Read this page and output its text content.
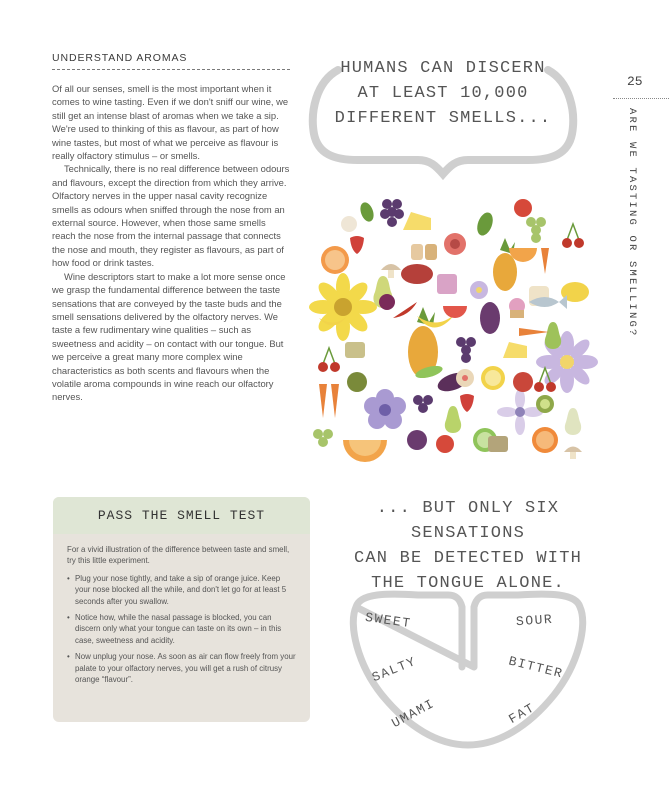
UNDERSTAND AROMAS

Of all our senses, smell is the most important when it comes to wine tasting. Even if we don't sniff our wine, we still get an intense blast of aromas when we take a sip. We're used to thinking of this as flavour, as part of how wine tastes, but most of what we perceive as flavour is really olfactory stimulus – or smells.

Technically, there is no real difference between odours and flavours, except the direction from which they arrive. Olfactory nerves in the upper nasal cavity recognize smells as odours when sniffed through the nose from an external source. However, when those same smells reach the nose from the internal passage that connects the nose and mouth, they register as flavours, as part of how food or drink tastes.

Wine descriptors start to make a lot more sense once we grasp the fundamental difference between the taste sensations that are conveyed by the taste buds and the smell sensations delivered by the olfactory nerves. We taste a few rudimentary wine qualities – such as sweetness and acidity – on contact with our tongue. But we perceive a great many more complex wine characteristics as both scents and flavours when the volatile aroma compounds in wine reach our olfactory nerves.

25
ARE WE TASTING OR SMELLING?
HUMANS CAN DISCERN
AT LEAST 10,000
DIFFERENT SMELLS...
... BUT ONLY SIX SENSATIONS
CAN BE DETECTED WITH
THE TONGUE ALONE.
SWEET	SOUR
SALTY	BITTER
UMAMI	FAT
PASS THE SMELL TEST

For a vivid illustration of the difference between taste and smell, try this little experiment.

• Plug your nose tightly, and take a sip of orange juice. Keep your nose blocked all the while, and don't let go for at least 5 seconds after you swallow.
• Notice how, while the nasal passage is blocked, you can discern only what your tongue can taste on its own – in this case, sweetness and acidity.
• Now unplug your nose. As soon as air can flow freely from your palate to your olfactory nerves, you will get a rush of citrusy orange “flavour”.
